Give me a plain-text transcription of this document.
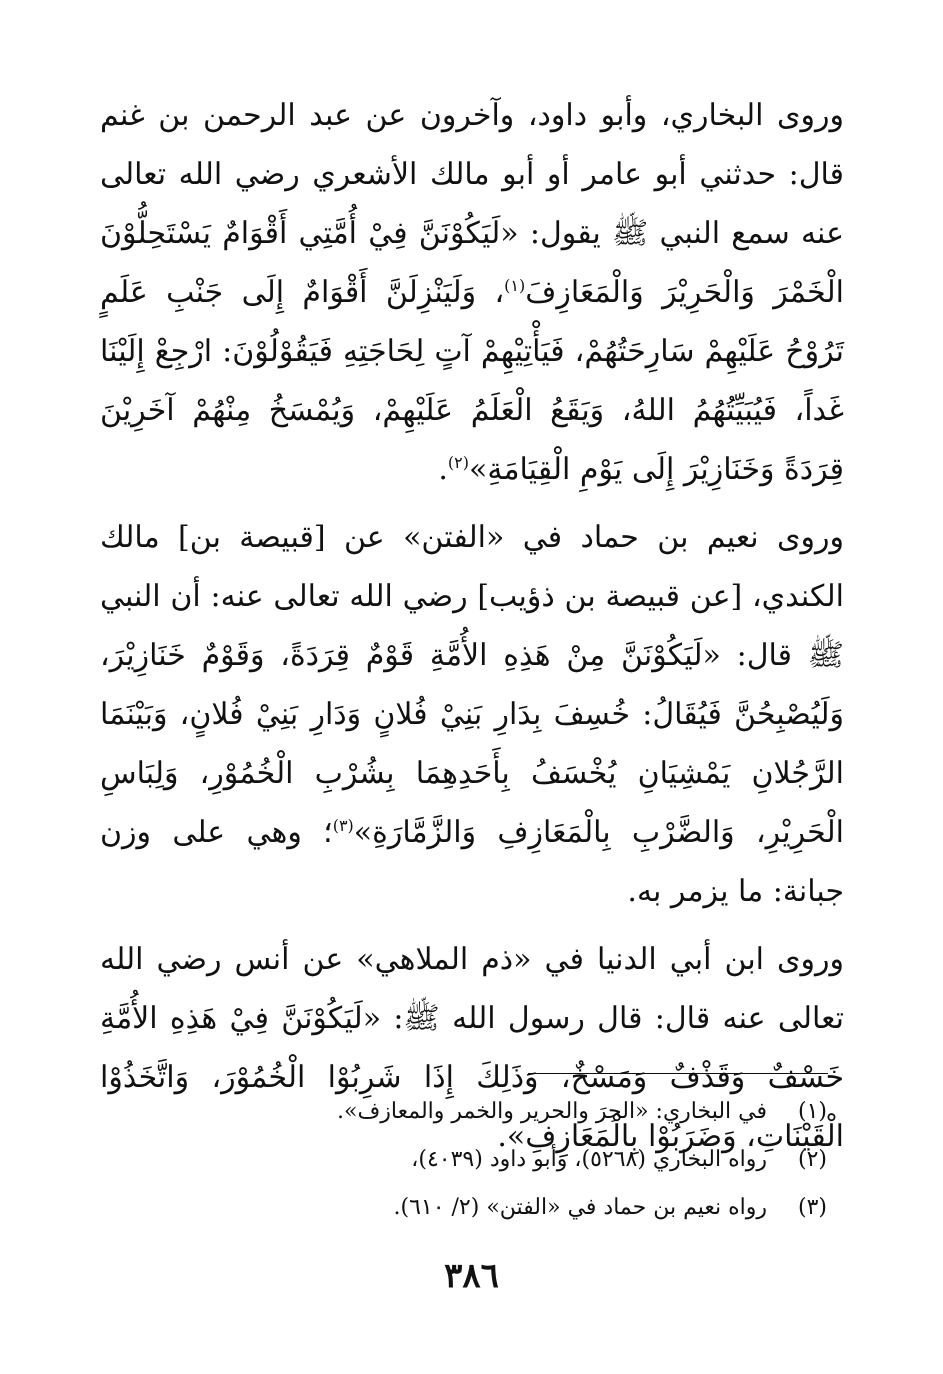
وروى البخاري، وأبو داود، وآخرون عن عبد الرحمن بن غنم قال: حدثني أبو عامر أو أبو مالك الأشعري رضي الله تعالى عنه سمع النبي ﷺ يقول: «لَيَكُوْنَنَّ فِيْ أُمَّتِي أَقْوَامٌ يَسْتَحِلُّوْنَ الْخَمْرَ وَالْحَرِيْرَ وَالْمَعَازِفَ$^{(١)}$، وَلَيَنْزِلَنَّ أَقْوَامٌ إِلَى جَنْبِ عَلَمٍ تَرُوْحُ عَلَيْهِمْ سَارِحَتُهُمْ، فَيَأْتِيْهِمْ آتٍ لِحَاجَتِهِ فَيَقُوْلُوْنَ: ارْجِعْ إِلَيْنَا غَداً، فَيُبَيِّتُهُمُ اللهُ، وَيَقَعُ الْعَلَمُ عَلَيْهِمْ، وَيُمْسَخُ مِنْهُمْ آخَرِيْنَ قِرَدَةً وَخَنَازِيْرَ إِلَى يَوْمِ الْقِيَامَةِ»$^{(٢)}$.

وروى نعيم بن حماد في «الفتن» عن [قبيصة بن] مالك الكندي، [عن قبيصة بن ذؤيب] رضي الله تعالى عنه: أن النبي ﷺ قال: «لَيَكُوْنَنَّ مِنْ هَذِهِ الأُمَّةِ قَوْمٌ قِرَدَةً، وَقَوْمٌ خَنَازِيْرَ، وَلَيُصْبِحُنَّ فَيُقَالُ: خُسِفَ بِدَارِ بَنِيْ فُلانٍ وَدَارِ بَنِيْ فُلانٍ، وَبَيْنَمَا الرَّجُلانِ يَمْشِيَانِ يُخْسَفُ بِأَحَدِهِمَا بِشُرْبِ الْخُمُوْرِ، وَلِبَاسِ الْحَرِيْرِ، وَالضَّرْبِ بِالْمَعَازِفِ وَالزَّمَّارَةِ»$^{(٣)}$؛ وهي على وزن جبانة: ما يزمر به.

وروى ابن أبي الدنيا في «ذم الملاهي» عن أنس رضي الله تعالى عنه قال: قال رسول الله ﷺ: «لَيَكُوْنَنَّ فِيْ هَذِهِ الأُمَّةِ خَسْفٌ وَقَذْفٌ وَمَسْخٌ، وَذَلِكَ إِذَا شَرِبُوْا الْخُمُوْرَ، وَاتَّخَذُوْا الْقَيْنَاتِ، وَضَرَبُوْا بِالْمَعَازِفِ».

(١)
في البخاري: «الحِرَ والحرير والخمر والمعازف».
(٢)
رواه البخاري (٥٢٦٨)، وأبو داود (٤٠٣٩)،
(٣)
رواه نعيم بن حماد في «الفتن» (٢/ ٦١٠).
٣٨٦
